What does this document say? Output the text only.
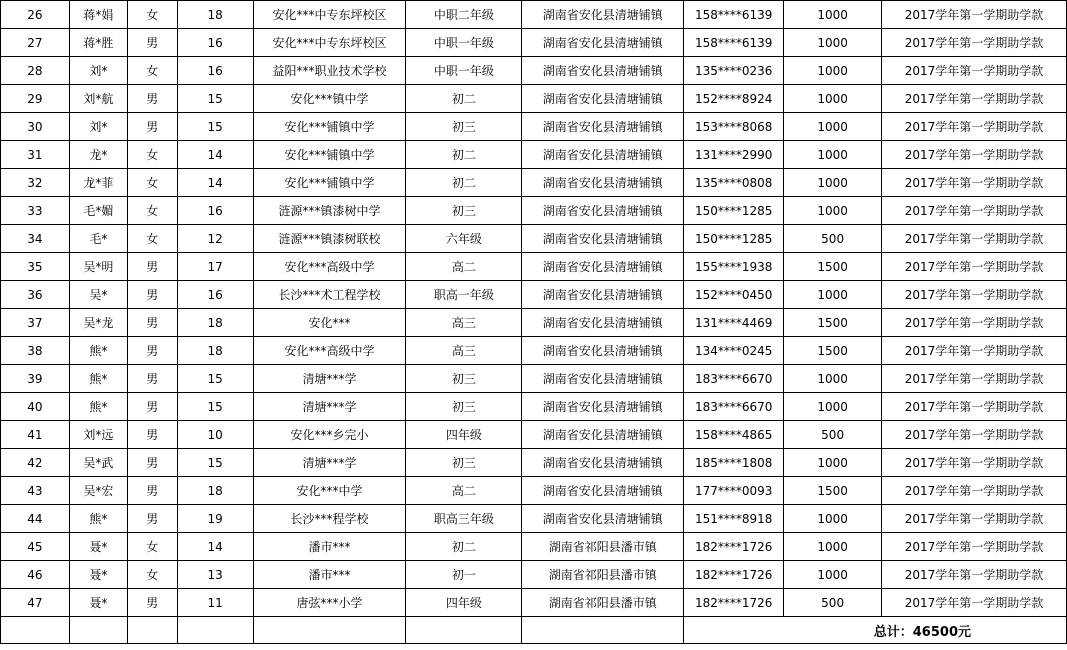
26	蒋*娟	女	18	安化***中专东坪校区	中职二年级	湖南省安化县清塘铺镇	158****6139	1000	2017学年第一学期助学款
27	蒋*胜	男	16	安化***中专东坪校区	中职一年级	湖南省安化县清塘铺镇	158****6139	1000	2017学年第一学期助学款
28	刘*	女	16	益阳***职业技术学校	中职一年级	湖南省安化县清塘铺镇	135****0236	1000	2017学年第一学期助学款
29	刘*航	男	15	安化***镇中学	初二	湖南省安化县清塘铺镇	152****8924	1000	2017学年第一学期助学款
30	刘*	男	15	安化***铺镇中学	初三	湖南省安化县清塘铺镇	153****8068	1000	2017学年第一学期助学款
31	龙*	女	14	安化***铺镇中学	初二	湖南省安化县清塘铺镇	131****2990	1000	2017学年第一学期助学款
32	龙*菲	女	14	安化***铺镇中学	初二	湖南省安化县清塘铺镇	135****0808	1000	2017学年第一学期助学款
33	毛*媚	女	16	涟源***镇漆树中学	初三	湖南省安化县清塘铺镇	150****1285	1000	2017学年第一学期助学款
34	毛*	女	12	涟源***镇漆树联校	六年级	湖南省安化县清塘铺镇	150****1285	500	2017学年第一学期助学款
35	吴*明	男	17	安化***高级中学	高二	湖南省安化县清塘铺镇	155****1938	1500	2017学年第一学期助学款
36	吴*	男	16	长沙***术工程学校	职高一年级	湖南省安化县清塘铺镇	152****0450	1000	2017学年第一学期助学款
37	吴*龙	男	18	安化***	高三	湖南省安化县清塘铺镇	131****4469	1500	2017学年第一学期助学款
38	熊*	男	18	安化***高级中学	高三	湖南省安化县清塘铺镇	134****0245	1500	2017学年第一学期助学款
39	熊*	男	15	清塘***学	初三	湖南省安化县清塘铺镇	183****6670	1000	2017学年第一学期助学款
40	熊*	男	15	清塘***学	初三	湖南省安化县清塘铺镇	183****6670	1000	2017学年第一学期助学款
41	刘*远	男	10	安化***乡完小	四年级	湖南省安化县清塘铺镇	158****4865	500	2017学年第一学期助学款
42	吴*武	男	15	清塘***学	初三	湖南省安化县清塘铺镇	185****1808	1000	2017学年第一学期助学款
43	吴*宏	男	18	安化***中学	高二	湖南省安化县清塘铺镇	177****0093	1500	2017学年第一学期助学款
44	熊*	男	19	长沙***程学校	职高三年级	湖南省安化县清塘铺镇	151****8918	1000	2017学年第一学期助学款
45	聂*	女	14	潘市***	初二	湖南省祁阳县潘市镇	182****1726	1000	2017学年第一学期助学款
46	聂*	女	13	潘市***	初一	湖南省祁阳县潘市镇	182****1726	1000	2017学年第一学期助学款
47	聂*	男	11	唐弦***小学	四年级	湖南省祁阳县潘市镇	182****1726	500	2017学年第一学期助学款
							总计：46500元		
